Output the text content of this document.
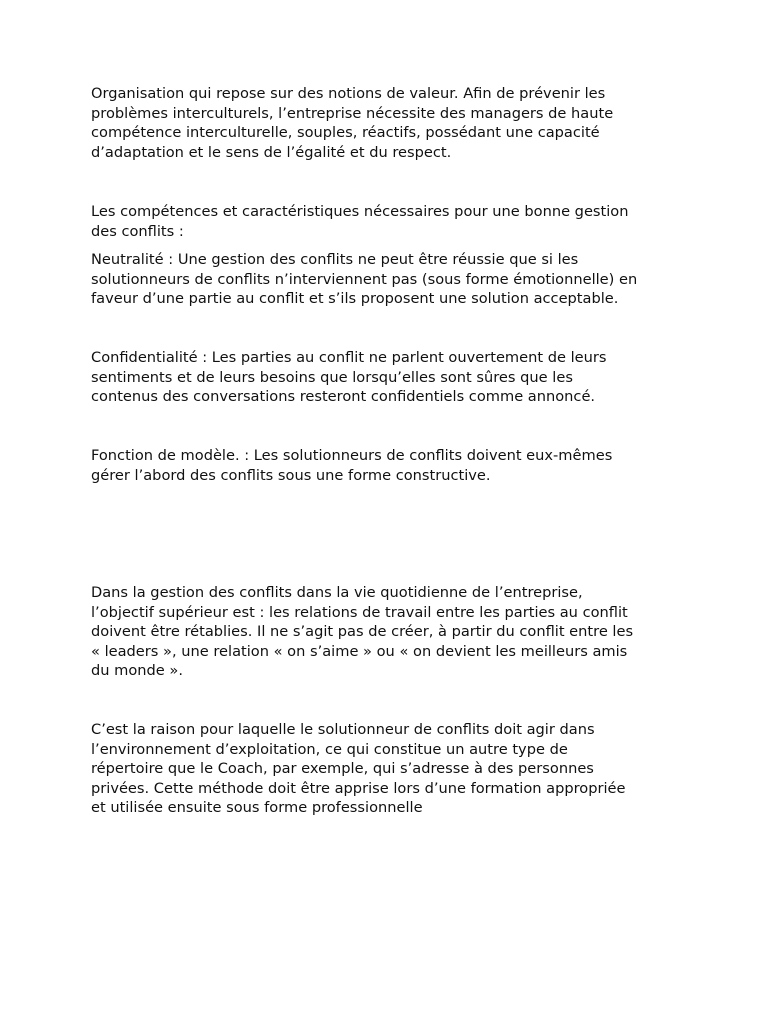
Organisation qui repose sur des notions de valeur. Afin de prévenir les
problèmes interculturels, l’entreprise nécessite des managers de haute
compétence interculturelle, souples, réactifs, possédant une capacité
d’adaptation et le sens de l’égalité et du respect.

Les compétences et caractéristiques nécessaires pour une bonne gestion
des conflits :

Neutralité : Une gestion des conflits ne peut être réussie que si les
solutionneurs de conflits n’interviennent pas (sous forme émotionnelle) en
faveur d’une partie au conflit et s’ils proposent une solution acceptable.

Confidentialité : Les parties au conflit ne parlent ouvertement de leurs
sentiments et de leurs besoins que lorsqu’elles sont sûres que les
contenus des conversations resteront confidentiels comme annoncé.

Fonction de modèle. : Les solutionneurs de conflits doivent eux-mêmes
gérer l’abord des conflits sous une forme constructive.

Dans la gestion des conflits dans la vie quotidienne de l’entreprise,
l’objectif supérieur est : les relations de travail entre les parties au conflit
doivent être rétablies. Il ne s’agit pas de créer, à partir du conflit entre les
« leaders », une relation « on s’aime » ou « on devient les meilleurs amis
du monde ».

C’est la raison pour laquelle le solutionneur de conflits doit agir dans
l’environnement d’exploitation, ce qui constitue un autre type de
répertoire que le Coach, par exemple, qui s’adresse à des personnes
privées. Cette méthode doit être apprise lors d’une formation appropriée
et utilisée ensuite sous forme professionnelle
